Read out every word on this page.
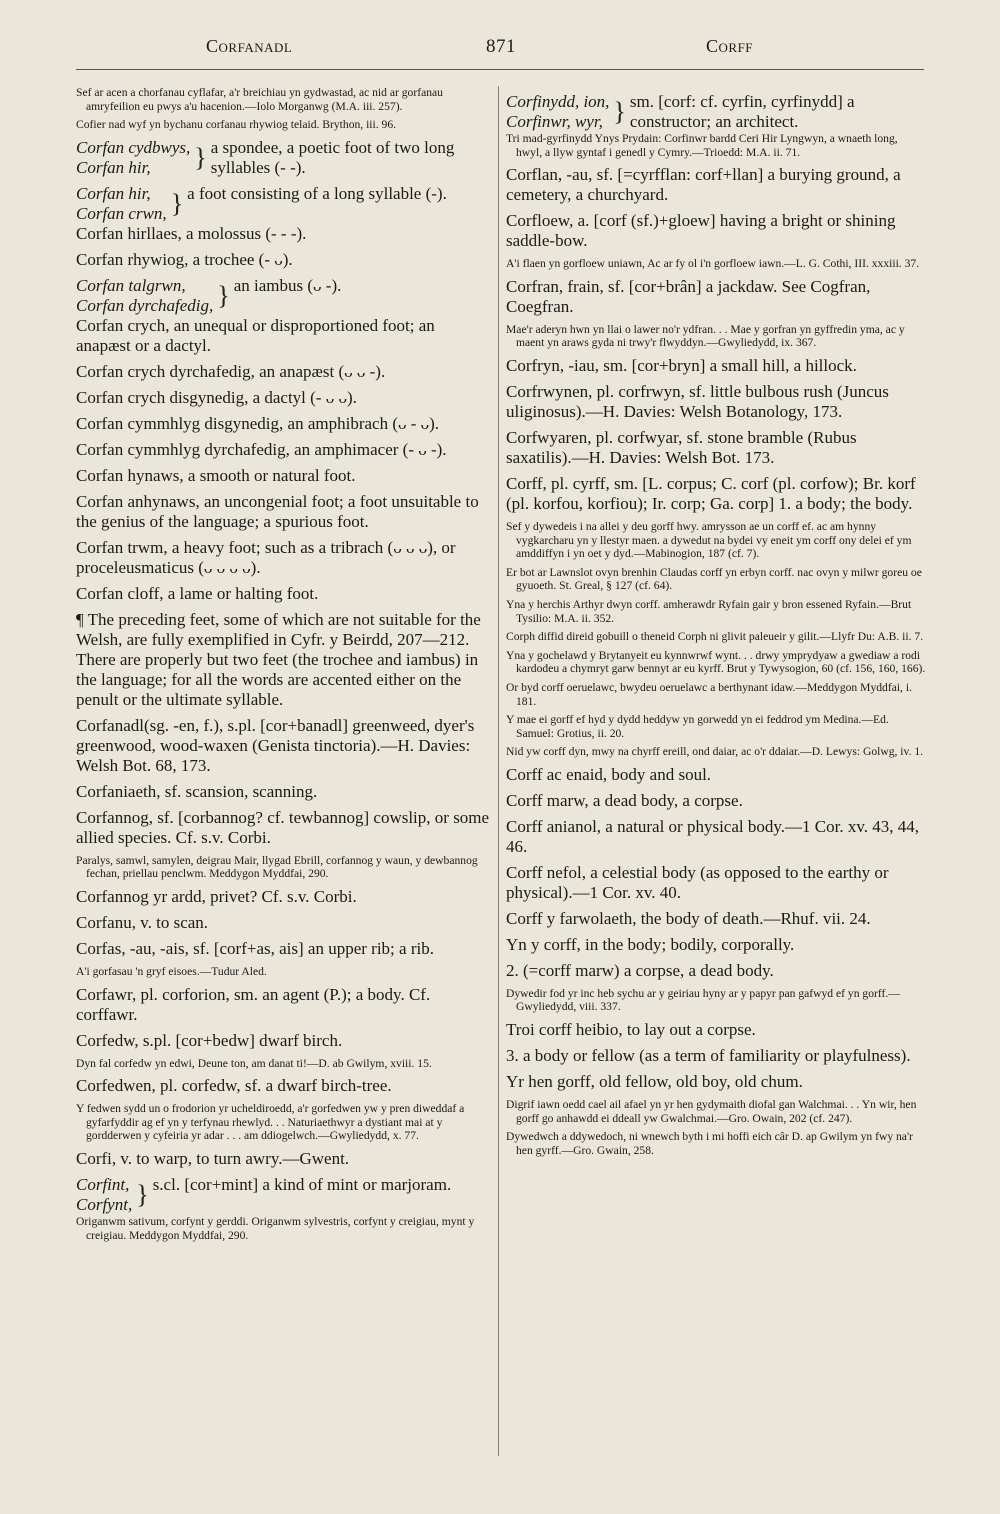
Corfanadl	871	Corff

Sef ar acen a chorfanau cyflafar, a'r breichiau yn gydwastad, ac nid ar gorfanau amryfeilion eu pwys a'u hacenion.—Iolo Morganwg (M.A. iii. 257).

Cofier nad wyf yn bychanu corfanau rhywiog telaid. Brython, iii. 96.

Corfan cydbwys,
Corfan hir,	} a spondee, a poetic foot of two long syllables (- -).
Corfan hir,
Corfan crwn, } a foot consisting of a long syllable (-).

Corfan hirllaes, a molossus (- - -).

Corfan rhywiog, a trochee (- ᴗ).

Corfan talgrwn,
Corfan dyrchafedig, } an iambus (ᴗ -).

Corfan crych, an unequal or disproportioned foot; an anapæst or a dactyl.

Corfan crych dyrchafedig, an anapæst (ᴗ ᴗ -).

Corfan crych disgynedig, a dactyl (- ᴗ ᴗ).

Corfan cymmhlyg disgynedig, an amphibrach (ᴗ - ᴗ).

Corfan cymmhlyg dyrchafedig, an amphimacer (- ᴗ -).

Corfan hynaws, a smooth or natural foot.

Corfan anhynaws, an uncongenial foot; a foot unsuitable to the genius of the language; a spurious foot.

Corfan trwm, a heavy foot; such as a tribrach (ᴗ ᴗ ᴗ), or proceleusmaticus (ᴗ ᴗ ᴗ ᴗ).

Corfan cloff, a lame or halting foot.

¶ The preceding feet, some of which are not suitable for the Welsh, are fully exemplified in Cyfr. y Beirdd, 207—212. There are properly but two feet (the trochee and iambus) in the language; for all the words are accented either on the penult or the ultimate syllable.

Corfanadl(sg. -en, f.), s.pl. [cor+banadl] greenweed, dyer's greenwood, wood-waxen (Genista tinctoria).—H. Davies: Welsh Bot. 68, 173.

Corfaniaeth, sf. scansion, scanning.

Corfannog, sf. [corbannog? cf. tewbannog] cowslip, or some allied species. Cf. s.v. Corbi.

Paralys, samwl, samylen, deigrau Mair, llygad Ebrill, corfannog y waun, y dewbannog fechan, priellau penclwm. Meddygon Myddfai, 290.

Corfannog yr ardd, privet? Cf. s.v. Corbi.

Corfanu, v. to scan.

Corfas, -au, -ais, sf. [corf+as, ais] an upper rib; a rib.

A'i gorfasau 'n gryf eisoes.—Tudur Aled.

Corfawr, pl. corforion, sm. an agent (P.); a body. Cf. corffawr.

Corfedw, s.pl. [cor+bedw] dwarf birch.

Dyn fal corfedw yn edwi, Deune ton, am danat ti!—D. ab Gwilym, xviii. 15.

Corfedwen, pl. corfedw, sf. a dwarf birch-tree.

Y fedwen sydd un o frodorion yr ucheldiroedd, a'r gorfedwen yw y pren diweddaf a gyfarfyddir ag ef yn y terfynau rhewlyd. . . Naturiaethwyr a dystiant mai at y gordderwen y cyfeiria yr adar . . . am ddiogelwch.—Gwyliedydd, x. 77.

Corfi, v. to warp, to turn awry.—Gwent.

Corfint,
Corfynt, } s.cl. [cor+mint] a kind of mint or marjoram.

Origanwm sativum, corfynt y gerddi. Origanwm sylvestris, corfynt y creigiau, mynt y creigiau. Meddygon Myddfai, 290.

Corfinydd, ion,
Corfinwr, wyr, } sm. [corf: cf. cyrfin, cyrfinydd] a constructor; an architect.

Tri mad-gyrfinydd Ynys Prydain: Corfinwr bardd Ceri Hir Lyngwyn, a wnaeth long, hwyl, a llyw gyntaf i genedl y Cymry.—Trioedd: M.A. ii. 71.

Corflan, -au, sf. [=cyrfflan: corf+llan] a burying ground, a cemetery, a churchyard.

Corfloew, a. [corf (sf.)+gloew] having a bright or shining saddle-bow.

A'i flaen yn gorfloew uniawn, Ac ar fy ol i'n gorfloew iawn.—L. G. Cothi, III. xxxiii. 37.

Corfran, frain, sf. [cor+brân] a jackdaw. See Cogfran, Coegfran.

Mae'r aderyn hwn yn llai o lawer no'r ydfran. . . Mae y gorfran yn gyffredin yma, ac y maent yn araws gyda ni trwy'r flwyddyn.—Gwyliedydd, ix. 367.

Corfryn, -iau, sm. [cor+bryn] a small hill, a hillock.

Corfrwynen, pl. corfrwyn, sf. little bulbous rush (Juncus uliginosus).—H. Davies: Welsh Botanology, 173.

Corfwyaren, pl. corfwyar, sf. stone bramble (Rubus saxatilis).—H. Davies: Welsh Bot. 173.

Corff, pl. cyrff, sm. [L. corpus; C. corf (pl. corfow); Br. korf (pl. korfou, korfiou); Ir. corp; Ga. corp] 1. a body; the body.

Sef y dywedeis i na allei y deu gorff hwy. amrysson ae un corff ef. ac am hynny vygkarcharu yn y llestyr maen. a dywedut na bydei vy eneit ym corff ony delei ef ym amddiffyn i yn oet y dyd.—Mabinogion, 187 (cf. 7).

Er bot ar Lawnslot ovyn brenhin Claudas corff yn erbyn corff. nac ovyn y milwr goreu oe gyuoeth. St. Greal, § 127 (cf. 64).

Yna y herchis Arthyr dwyn corff. amherawdr Ryfain gair y bron essened Ryfain.—Brut Tysilio: M.A. ii. 352.

Corph diffid direid gobuill o theneid Corph ni glivit paleueir y gilit.—Llyfr Du: A.B. ii. 7.

Yna y gochelawd y Brytanyeit eu kynnwrwf wynt. . . drwy ymprydyaw a gwediaw a rodi kardodeu a chymryt garw bennyt ar eu kyrff. Brut y Tywysogion, 60 (cf. 156, 160, 166).

Or byd corff oeruelawc, bwydeu oeruelawc a berthynant idaw.—Meddygon Myddfai, i. 181.

Y mae ei gorff ef hyd y dydd heddyw yn gorwedd yn ei feddrod ym Medina.—Ed. Samuel: Grotius, ii. 20.

Nid yw corff dyn, mwy na chyrff ereill, ond daiar, ac o'r ddaiar.—D. Lewys: Golwg, iv. 1.

Corff ac enaid, body and soul.

Corff marw, a dead body, a corpse.

Corff anianol, a natural or physical body.—1 Cor. xv. 43, 44, 46.

Corff nefol, a celestial body (as opposed to the earthy or physical).—1 Cor. xv. 40.

Corff y farwolaeth, the body of death.—Rhuf. vii. 24.

Yn y corff, in the body; bodily, corporally.

2. (=corff marw) a corpse, a dead body.

Dywedir fod yr inc heb sychu ar y geiriau hyny ar y papyr pan gafwyd ef yn gorff.—Gwyliedydd, viii. 337.

Troi corff heibio, to lay out a corpse.

3. a body or fellow (as a term of familiarity or playfulness).

Yr hen gorff, old fellow, old boy, old chum.

Digrif iawn oedd cael ail afael yn yr hen gydymaith diofal gan Walchmai. . . Yn wir, hen gorff go anhawdd ei ddeall yw Gwalchmai.—Gro. Owain, 202 (cf. 247).

Dywedwch a ddywedoch, ni wnewch byth i mi hoffi eich câr D. ap Gwilym yn fwy na'r hen gyrff.—Gro. Gwain, 258.
